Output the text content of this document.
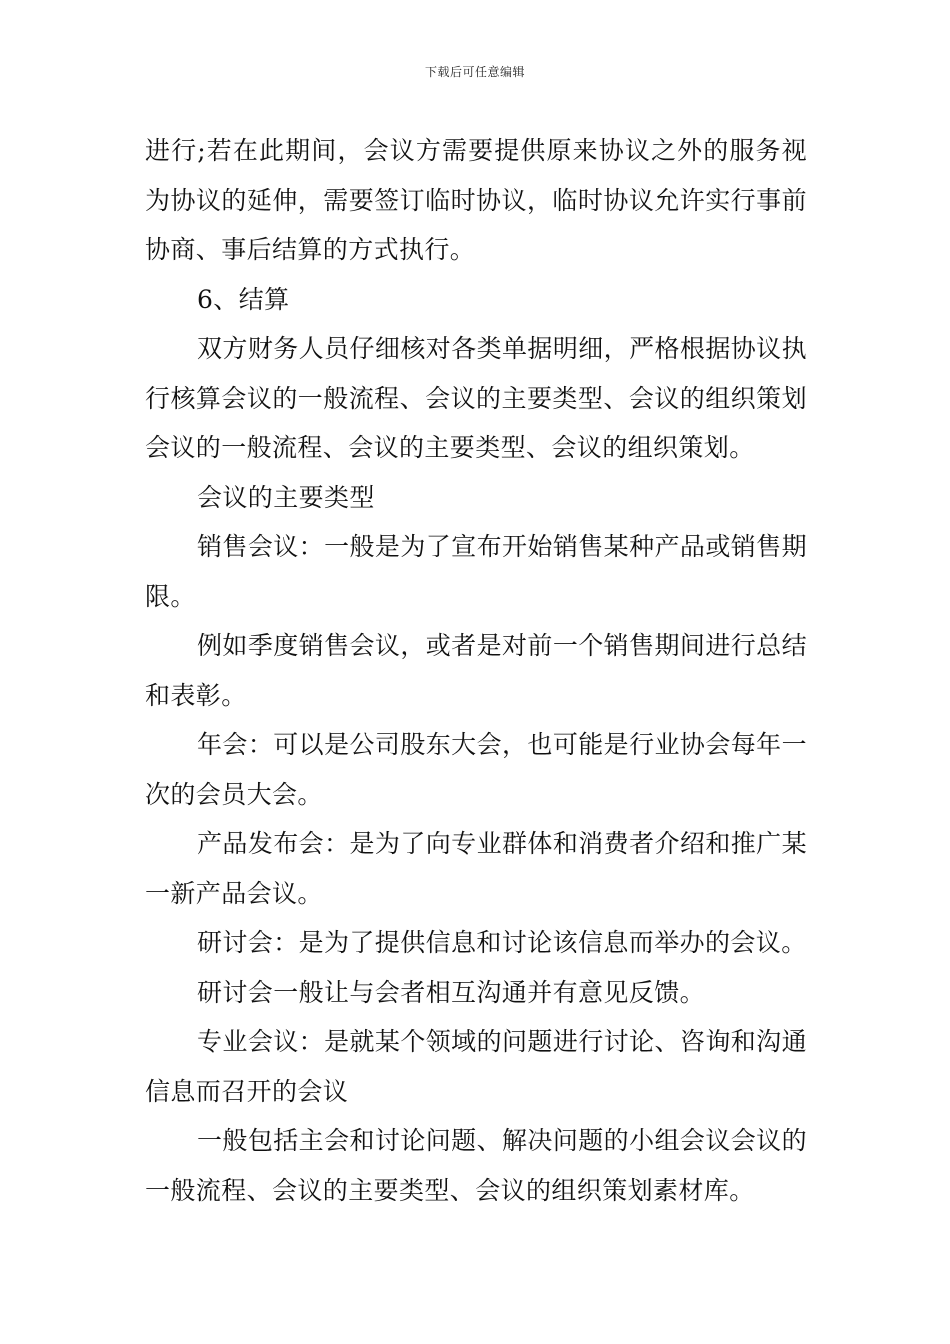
下载后可任意编辑

进行;若在此期间，会议方需要提供原来协议之外的服务视为协议的延伸，需要签订临时协议，临时协议允许实行事前协商、事后结算的方式执行。

6、结算

双方财务人员仔细核对各类单据明细，严格根据协议执行核算会议的一般流程、会议的主要类型、会议的组织策划会议的一般流程、会议的主要类型、会议的组织策划。

会议的主要类型

销售会议：一般是为了宣布开始销售某种产品或销售期限。

例如季度销售会议，或者是对前一个销售期间进行总结和表彰。

年会：可以是公司股东大会，也可能是行业协会每年一次的会员大会。

产品发布会：是为了向专业群体和消费者介绍和推广某一新产品会议。

研讨会：是为了提供信息和讨论该信息而举办的会议。

研讨会一般让与会者相互沟通并有意见反馈。

专业会议：是就某个领域的问题进行讨论、咨询和沟通信息而召开的会议

一般包括主会和讨论问题、解决问题的小组会议会议的一般流程、会议的主要类型、会议的组织策划素材库。
